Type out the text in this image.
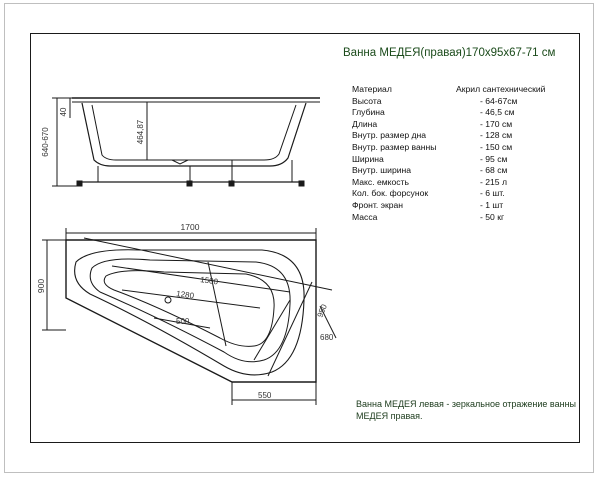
Ванна МЕДЕЯ(правая)170x95x67-71 см
Материал	Акрил сантехнический
Высота	- 64-67см
Глубина	- 46,5 см
Длина	- 170 см
Внутр. размер дна	- 128 см
Внутр. размер ванны	- 150 см
Ширина	- 95 см
Внутр. ширина	- 68 см
Макс. емкость	- 215 л
Кол. бок. форсунок	- 6 шт.
Фронт. экран	- 1 шт
Масса	- 50 кг
Ванна МЕДЕЯ левая - зеркальное отражение ванны МЕДЕЯ правая.
640-670
40
464,87
1700
900	1500
1280
500
950
680
550
